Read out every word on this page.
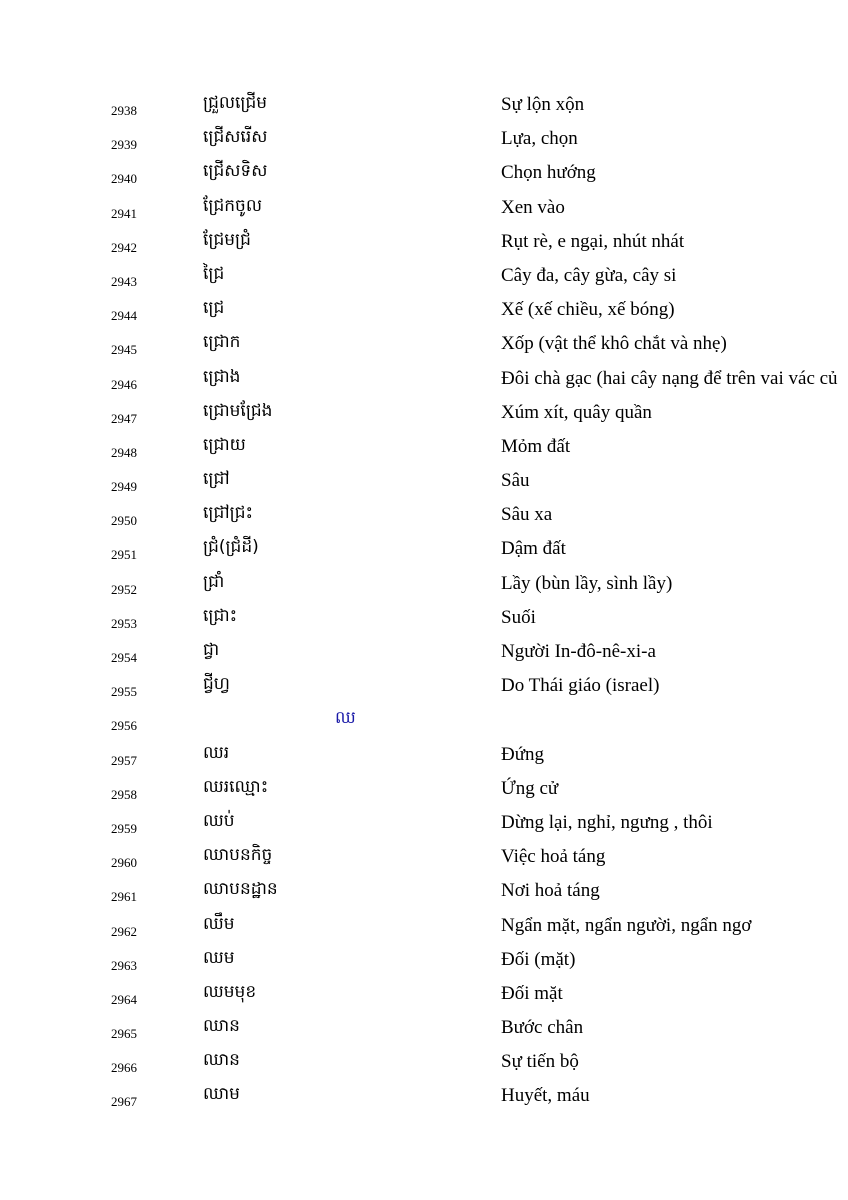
2938	ជ្រួលជ្រើម	Sự lộn xộn
2939	ជ្រើសរើស	Lựa, chọn
2940	ជ្រើសទិស	Chọn hướng
2941	ជ្រែកចូល	Xen vào
2942	ជ្រែមជ្រំ	Rụt rè, e ngại, nhút nhát
2943	ជ្រៃ	Cây đa, cây gừa, cây si
2944	ជ្រេ	Xế (xế chiều, xế bóng)
2945	ជ្រោក	Xốp (vật thể khô chắt và nhẹ)
2946	ជ្រោង	Đôi chà gạc (hai cây nạng để trên vai vác củ
2947	ជ្រោមជ្រែង	Xúm xít, quây quần
2948	ជ្រោយ	Mỏm đất
2949	ជ្រៅ	Sâu
2950	ជ្រៅជ្រះ	Sâu xa
2951	ជ្រំ(ជ្រំដី)	Dậm đất
2952	ជ្រាំ	Lầy (bùn lầy, sình lầy)
2953	ជ្រោះ	Suối
2954	ជ្វា	Người In-đô-nê-xi-a
2955	ជ្វីហ្វ	Do Thái giáo (israel)
2956	ឈ
2957	ឈរ	Đứng
2958	ឈរឈ្មោះ	Ứng cử
2959	ឈប់	Dừng lại, nghỉ, ngưng , thôi
2960	ឈាបនកិច្ច	Việc hoả táng
2961	ឈាបនដ្ឋាន	Nơi hoả táng
2962	ឈឹម	Ngẩn mặt, ngẩn người, ngẩn ngơ
2963	ឈម	Đối (mặt)
2964	ឈមមុខ	Đối mặt
2965	ឈាន	Bước chân
2966	ឈាន	Sự tiến bộ
2967	ឈាម	Huyết, máu
